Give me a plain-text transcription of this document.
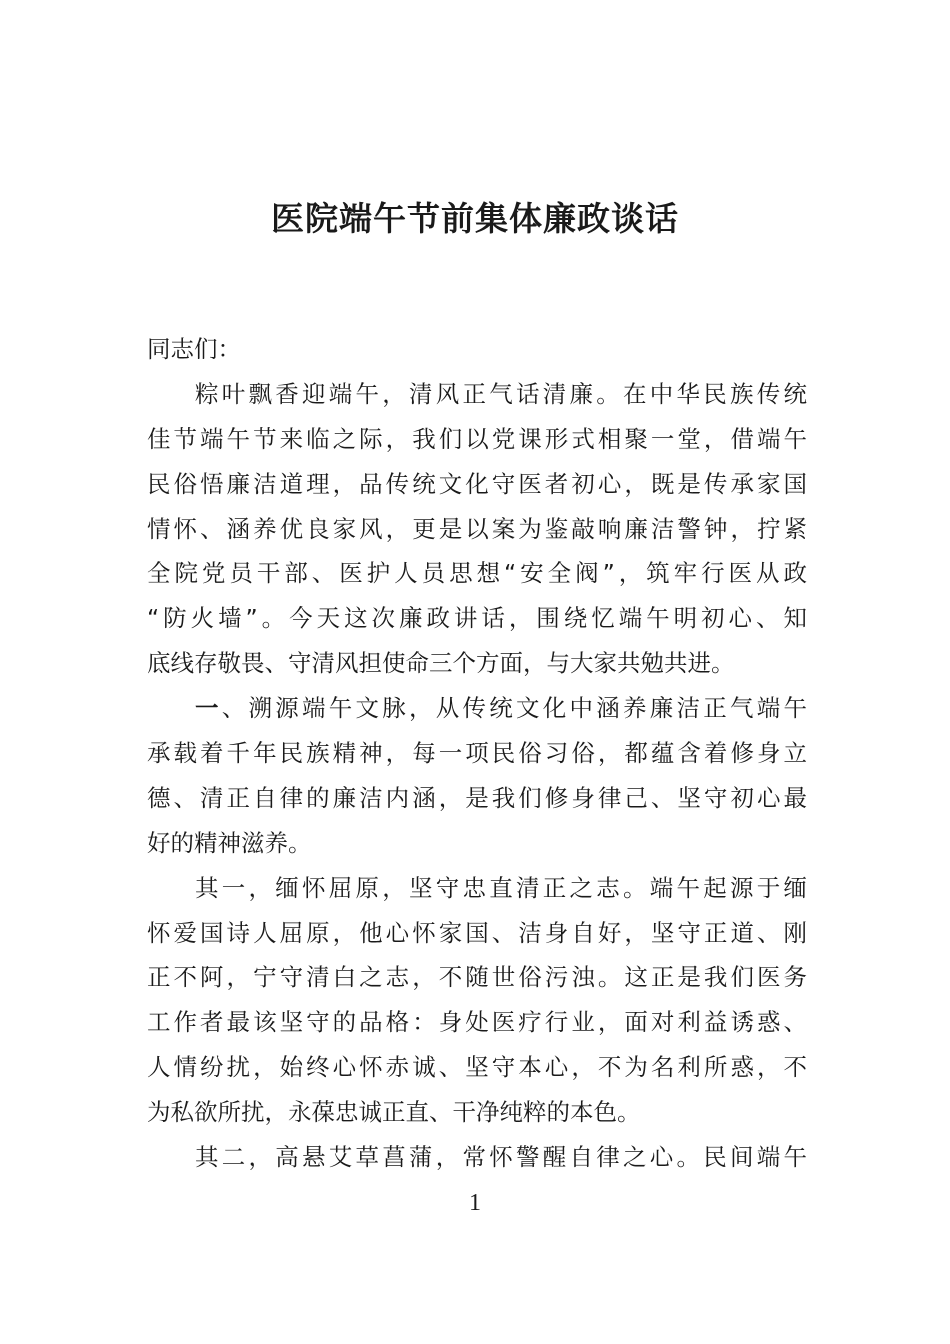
医院端午节前集体廉政谈话
同志们：
粽叶飘香迎端午，清风正气话清廉。在中华民族传统
佳节端午节来临之际，我们以党课形式相聚一堂，借端午
民俗悟廉洁道理，品传统文化守医者初心，既是传承家国
情怀、涵养优良家风，更是以案为鉴敲响廉洁警钟，拧紧
全院党员干部、医护人员思想“安全阀”，筑牢行医从政
“防火墙”。今天这次廉政讲话，围绕忆端午明初心、知
底线存敬畏、守清风担使命三个方面，与大家共勉共进。
一、溯源端午文脉，从传统文化中涵养廉洁正气端午
承载着千年民族精神，每一项民俗习俗，都蕴含着修身立
德、清正自律的廉洁内涵，是我们修身律己、坚守初心最
好的精神滋养。
其一，缅怀屈原，坚守忠直清正之志。端午起源于缅
怀爱国诗人屈原，他心怀家国、洁身自好，坚守正道、刚
正不阿，宁守清白之志，不随世俗污浊。这正是我们医务
工作者最该坚守的品格：身处医疗行业，面对利益诱惑、
人情纷扰，始终心怀赤诚、坚守本心，不为名利所惑，不
为私欲所扰，永葆忠诚正直、干净纯粹的本色。
其二，高悬艾草菖蒲，常怀警醒自律之心。民间端午
1
